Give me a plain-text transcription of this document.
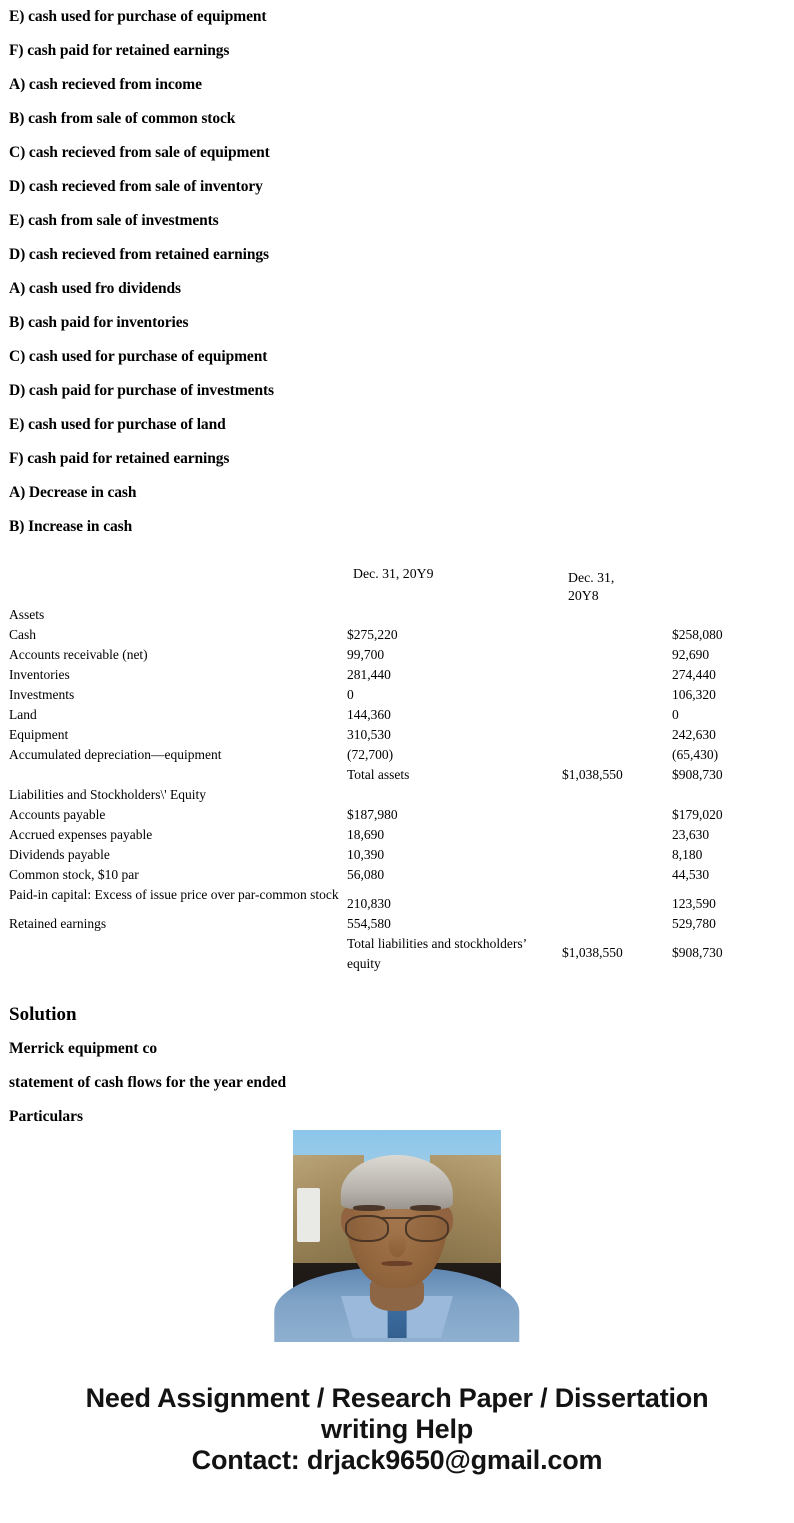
E) cash used for purchase of equipment
F) cash paid for retained earnings
A) cash recieved from income
B) cash from sale of common stock
C) cash recieved from sale of equipment
D) cash recieved from sale of inventory
E) cash from sale of investments
D) cash recieved from retained earnings
A) cash used fro dividends
B) cash paid for inventories
C) cash used for purchase of equipment
D) cash paid for purchase of investments
E) cash used for purchase of land
F) cash paid for retained earnings
A) Decrease in cash
B) Increase in cash
	Dec. 31, 20Y9	Dec. 31,
20Y8	
Assets			
Cash	$275,220		$258,080
Accounts receivable (net)	99,700		92,690
Inventories	281,440		274,440
Investments	0		106,320
Land	144,360		0
Equipment	310,530		242,630
Accumulated depreciation—equipment	(72,700)		(65,430)
	Total assets	$1,038,550	$908,730
Liabilities and Stockholders\' Equity			
Accounts payable	$187,980		$179,020
Accrued expenses payable	18,690		23,630
Dividends payable	10,390		8,180
Common stock, $10 par	56,080		44,530
Paid-in capital: Excess of issue price over par-common stock	210,830		123,590
Retained earnings	554,580		529,780
	Total liabilities and stockholders’ equity	$1,038,550	$908,730
Solution
Merrick equipment co
statement of cash flows for the year ended
Particulars
Need Assignment / Research Paper / Dissertation
writing Help
Contact: drjack9650@gmail.com
